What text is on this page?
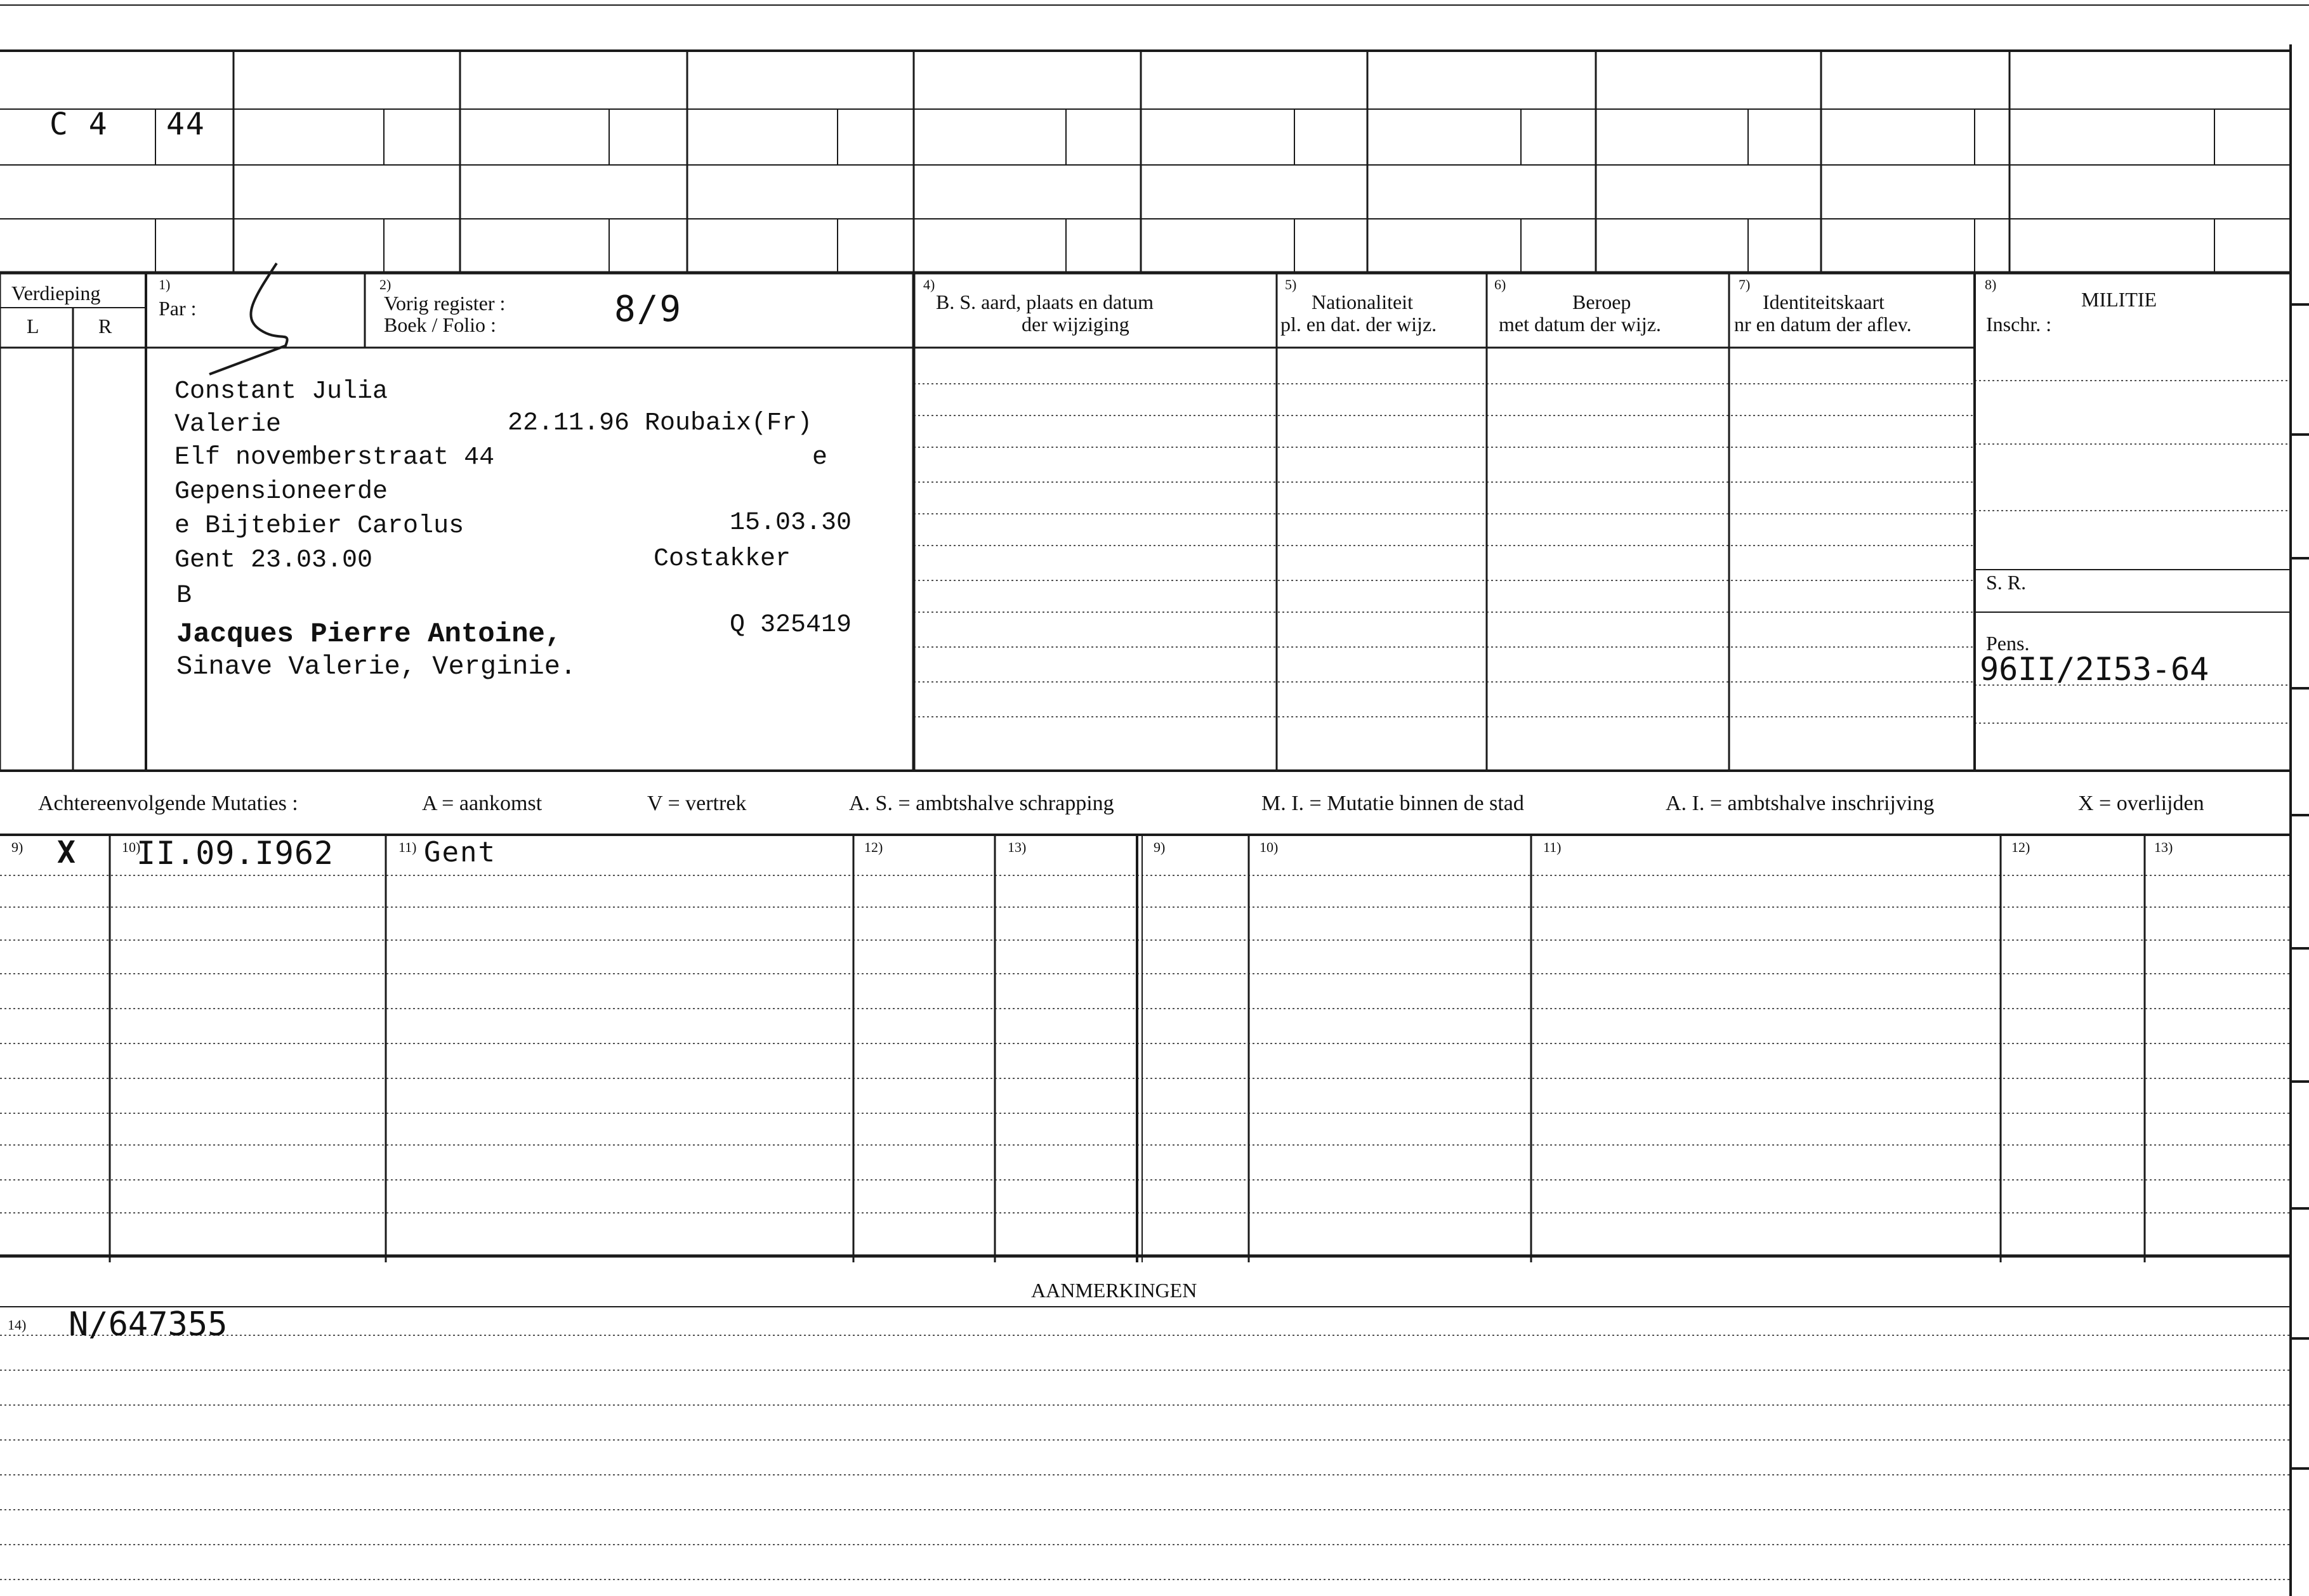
C 4 44
Verdieping
L	R
1)
Par :
2)
Vorig register :
Boek / Folio :	8/9
4)
B. S. aard, plaats en datum
der wijziging
5)
Nationaliteit
pl. en dat. der wijz.
6)
Beroep
met datum der wijz.
7)
Identiteitskaart
nr en datum der aflev.
8)
MILITIE
Inschr. :
S. R.
Pens.
96II/2I53-64
Constant Julia
Valerie	22.11.96 Roubaix(Fr)
Elf novemberstraat 44	e
Gepensioneerde
e Bijtebier Carolus	15.03.30
Gent 23.03.00	Costakker
B
Jacques Pierre Antoine,
Sinave Valerie, Verginie.
Q 325419
Achtereenvolgende Mutaties :	A = aankomst	V = vertrek	A. S. = ambtshalve schrapping	M. I. = Mutatie binnen de stad	A. I. = ambtshalve inschrijving	X = overlijden
9)	10)	11)	12)	13)	9)	10)	11)	12)	13)
X II.09.I962	Gent
AANMERKINGEN
14) N/647355
